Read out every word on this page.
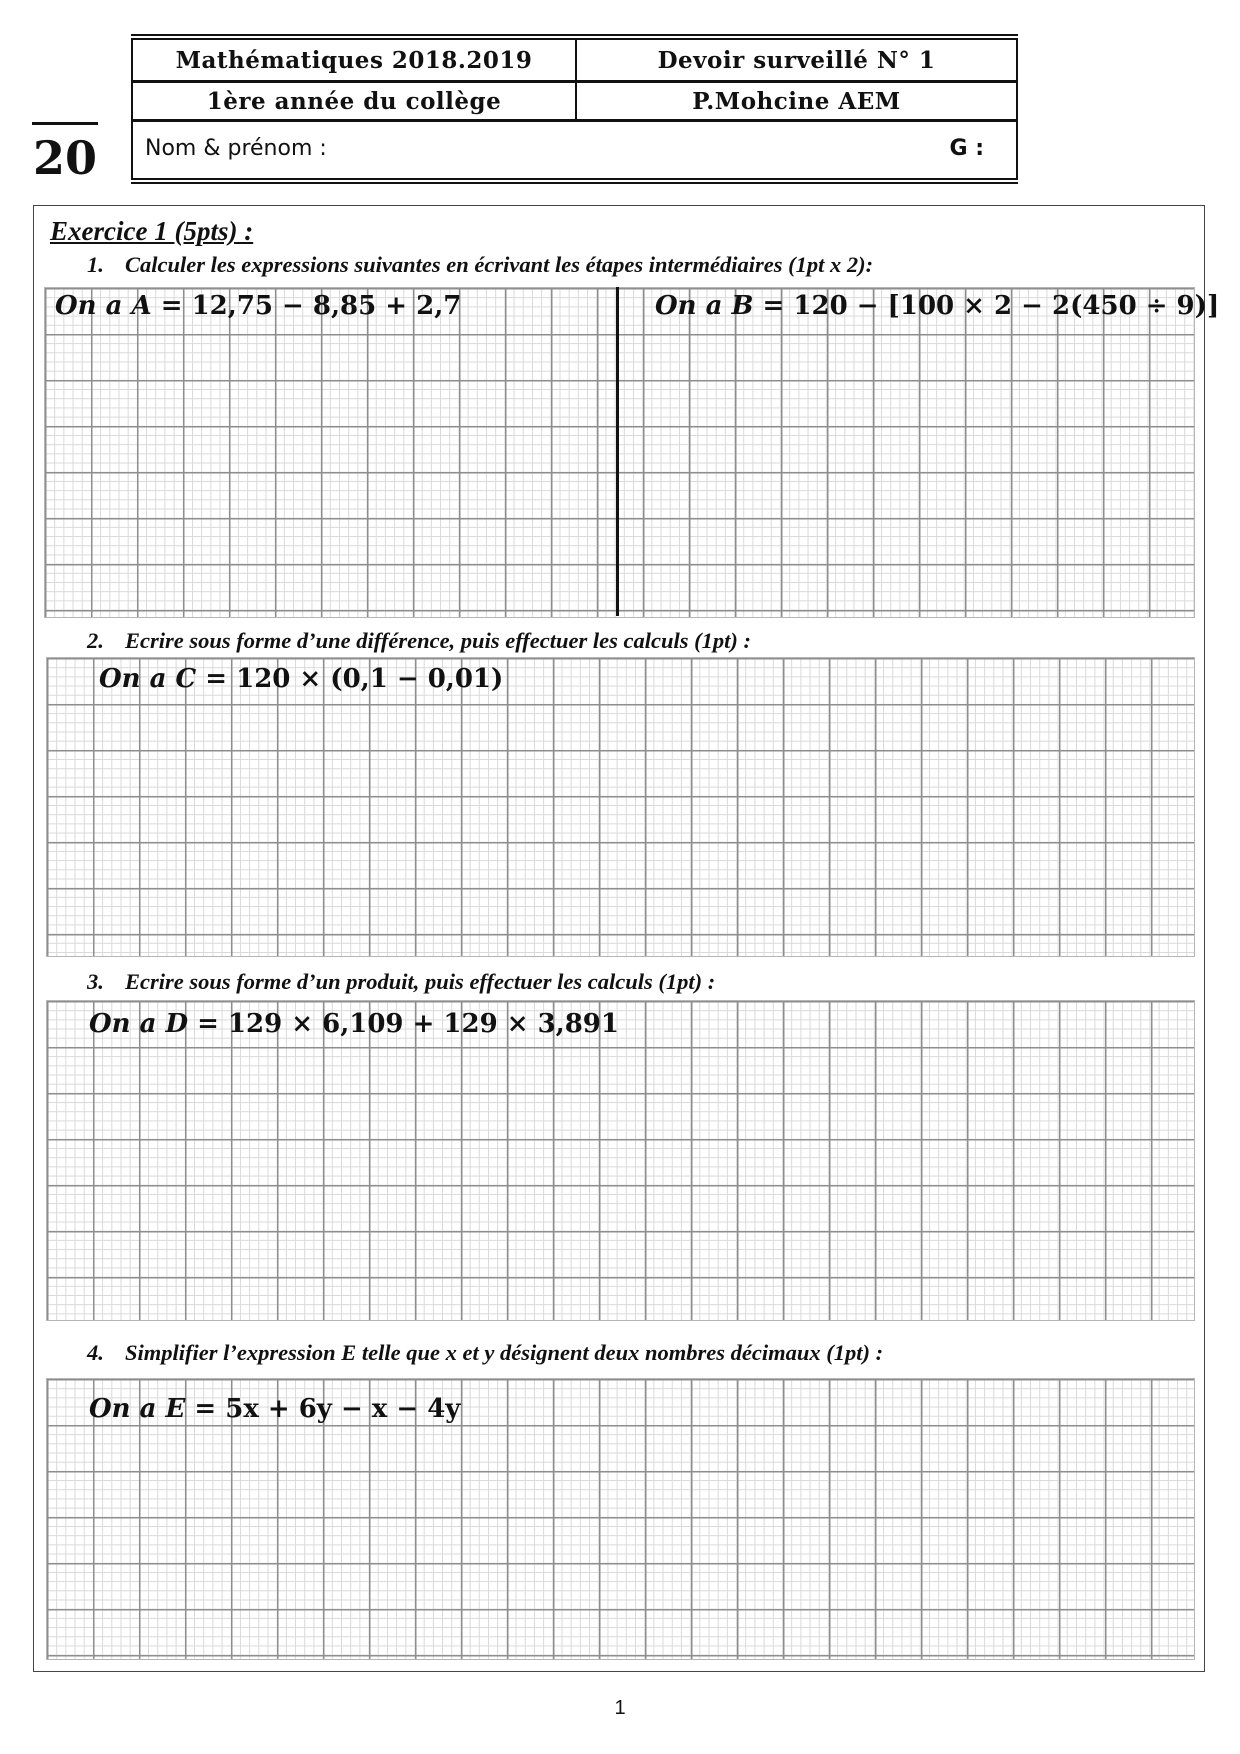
20
Mathématiques 2018.2019	Devoir surveillé N° 1
1ère année du collège	P.Mohcine AEM
Nom & prénom :	G :
Exercice 1 (5pts) :
1. Calculer les expressions suivantes en écrivant les étapes intermédiaires (1pt x 2):
On a A = 12,75 − 8,85 + 2,7	On a B = 120 − [100 × 2 − 2(450 ÷ 9)]
2. Ecrire sous forme d’une différence, puis effectuer les calculs (1pt) :
On a C = 120 × (0,1 − 0,01)
3. Ecrire sous forme d’un produit, puis effectuer les calculs (1pt) :
On a D = 129 × 6,109 + 129 × 3,891
4. Simplifier l’expression E telle que x et y désignent deux nombres décimaux (1pt) :
On a E = 5x + 6y − x − 4y
1
